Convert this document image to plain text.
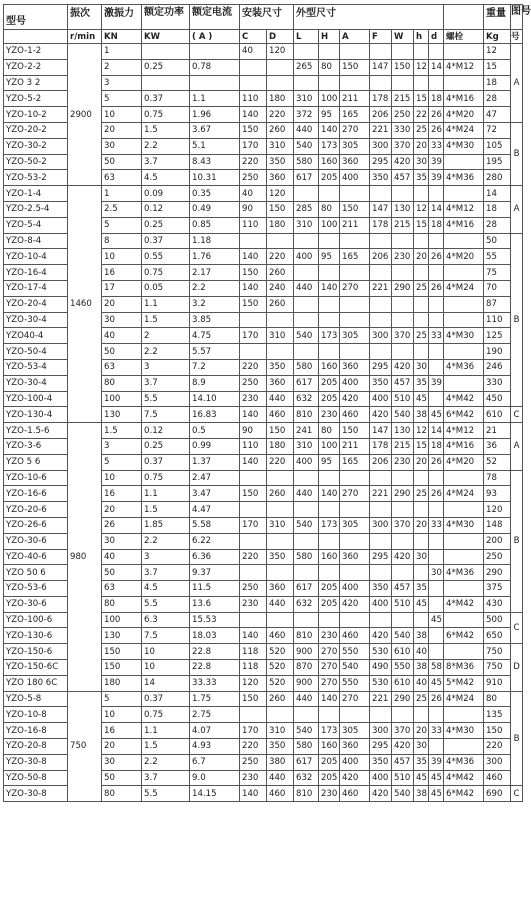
型号	振次	激振力	额定功率	额定电流	安装尺寸		外型尺寸								重量	图号
	r/min	KN	KW	( A )	C	D	L	H	A	F	W	h	d	螺栓	Kg	号
YZO-1-2	2900	1			40	120									12	A
YZO-2-2		2	0.25	0.78			265	80	150	147	150	12	14	4*M12	15	
YZO 3 2		3													18	
YZO-5-2		5	0.37	1.1	110	180	310	100	211	178	215	15	18	4*M16	28	
YZO-10-2		10	0.75	1.96	140	220	372	95	165	206	250	22	26	4*M20	47	
YZO-20-2		20	1.5	3.67	150	260	440	140	270	221	330	25	26	4*M24	72	B
YZO-30-2		30	2.2	5.1	170	310	540	173	305	300	370	20	33	4*M30	105	
YZO-50-2		50	3.7	8.43	220	350	580	160	360	295	420	30	39		195	
YZO-53-2		63	4.5	10.31	250	360	617	205	400	350	457	35	39	4*M36	280	
YZO-1-4	1460	1	0.09	0.35	40	120									14	A
YZO-2.5-4		2.5	0.12	0.49	90	150	285	80	150	147	130	12	14	4*M12	18	
YZO-5-4		5	0.25	0.85	110	180	310	100	211	178	215	15	18	4*M16	28	
YZO-8-4		8	0.37	1.18											50	B
YZO-10-4		10	0.55	1.76	140	220	400	95	165	206	230	20	26	4*M20	55	
YZO-16-4		16	0.75	2.17	150	260									75	
YZO-17-4		17	0.05	2.2	140	240	440	140	270	221	290	25	26	4*M24	70	
YZO-20-4		20	1.1	3.2	150	260									87	
YZO-30-4		30	1.5	3.85											110	
YZO40-4		40	2	4.75	170	310	540	173	305	300	370	25	33	4*M30	125	
YZO-50-4		50	2.2	5.57											190	
YZO-53-4		63	3	7.2	220	350	580	160	360	295	420	30		4*M36	246	
YZO-30-4		80	3.7	8.9	250	360	617	205	400	350	457	35	39		330	
YZO-100-4		100	5.5	14.10	230	440	632	205	420	400	510	45		4*M42	450	
YZO-130-4		130	7.5	16.83	140	460	810	230	460	420	540	38	45	6*M42	610	C
YZO-1.5-6	980	1.5	0.12	0.5	90	150	241	80	150	147	130	12	14	4*M12	21	A
YZO-3-6		3	0.25	0.99	110	180	310	100	211	178	215	15	18	4*M16	36	
YZO 5 6		5	0.37	1.37	140	220	400	95	165	206	230	20	26	4*M20	52	
YZO-10-6		10	0.75	2.47											78	B
YZO-16-6		16	1.1	3.47	150	260	440	140	270	221	290	25	26	4*M24	93	
YZO-20-6		20	1.5	4.47											120	
YZO-26-6		26	1.85	5.58	170	310	540	173	305	300	370	20	33	4*M30	148	
YZO-30-6		30	2.2	6.22											200	
YZO-40-6		40	3	6.36	220	350	580	160	360	295	420	30			250	
YZO 50 6		50	3.7	9.37									30	4*M36	290	
YZO-53-6		63	4.5	11.5	250	360	617	205	400	350	457	35			375	
YZO-30-6		80	5.5	13.6	230	440	632	205	420	400	510	45		4*M42	430	
YZO-100-6		100	6.3	15.53									45		500	C
YZO-130-6		130	7.5	18.03	140	460	810	230	460	420	540	38		6*M42	650	
YZO-150-6		150	10	22.8	118	520	900	270	550	530	610	40			750	D
YZO-150-6C		150	10	22.8	118	520	870	270	540	490	550	38	58	8*M36	750	
YZO 180 6C		180	14	33.33	120	520	900	270	550	530	610	40	45	5*M42	910	
YZO-5-8	750	5	0.37	1.75	150	260	440	140	270	221	290	25	26	4*M24	80	B
YZO-10-8		10	0.75	2.75											135	
YZO-16-8		16	1.1	4.07	170	310	540	173	305	300	370	20	33	4*M30	150	
YZO-20-8		20	1.5	4.93	220	350	580	160	360	295	420	30			220	
YZO-30-8		30	2.2	6.7	250	380	617	205	400	350	457	35	39	4*M36	300	
YZO-50-8		50	3.7	9.0	230	440	632	205	420	400	510	45	45	4*M42	460	
YZO-30-8		80	5.5	14.15	140	460	810	230	460	420	540	38	45	6*M42	690	C
